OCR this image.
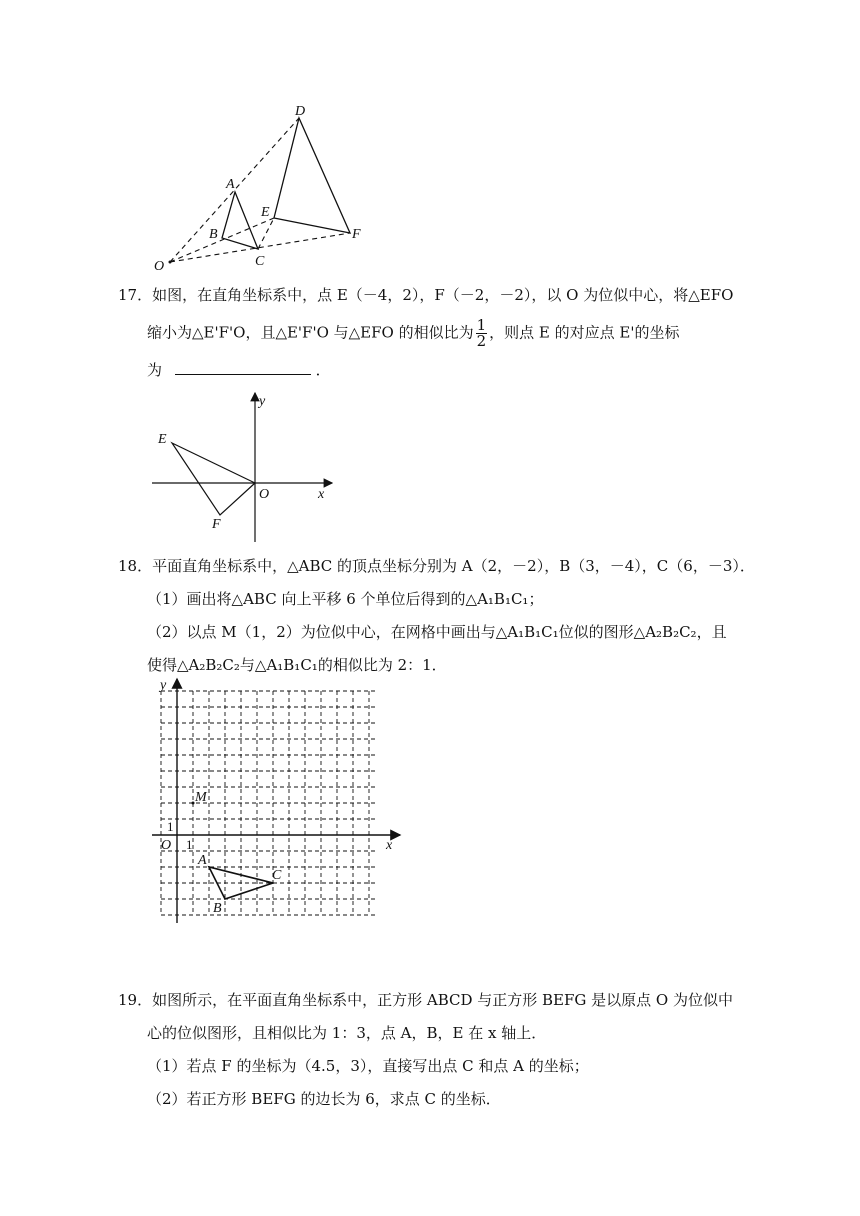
D
A
E
B	F
O	C
17．如图，在直角坐标系中，点 E（－4，2），F（－2，－2），以 O 为位似中心，将△EFO
缩小为△E'F'O，且△E'F'O 与△EFO 的相似比为 $\frac{1}{2}$ ，则点 E 的对应点 E'的坐标
为	．
y
E
O	x
F
18．平面直角坐标系中，△ABC 的顶点坐标分别为 A（2，－2），B（3，－4），C（6，－3）．
（1）画出将△ABC 向上平移 6 个单位后得到的△A₁B₁C₁；
（2）以点 M（1，2）为位似中心，在网格中画出与△A₁B₁C₁位似的图形△A₂B₂C₂，且
使得△A₂B₂C₂与△A₁B₁C₁的相似比为 2：1．
y
M
1
O 1	x
A
C
B
19．如图所示，在平面直角坐标系中，正方形 ABCD 与正方形 BEFG 是以原点 O 为位似中
心的位似图形，且相似比为 1：3，点 A，B，E 在 x 轴上．
（1）若点 F 的坐标为（4.5，3），直接写出点 C 和点 A 的坐标；
（2）若正方形 BEFG 的边长为 6，求点 C 的坐标．
